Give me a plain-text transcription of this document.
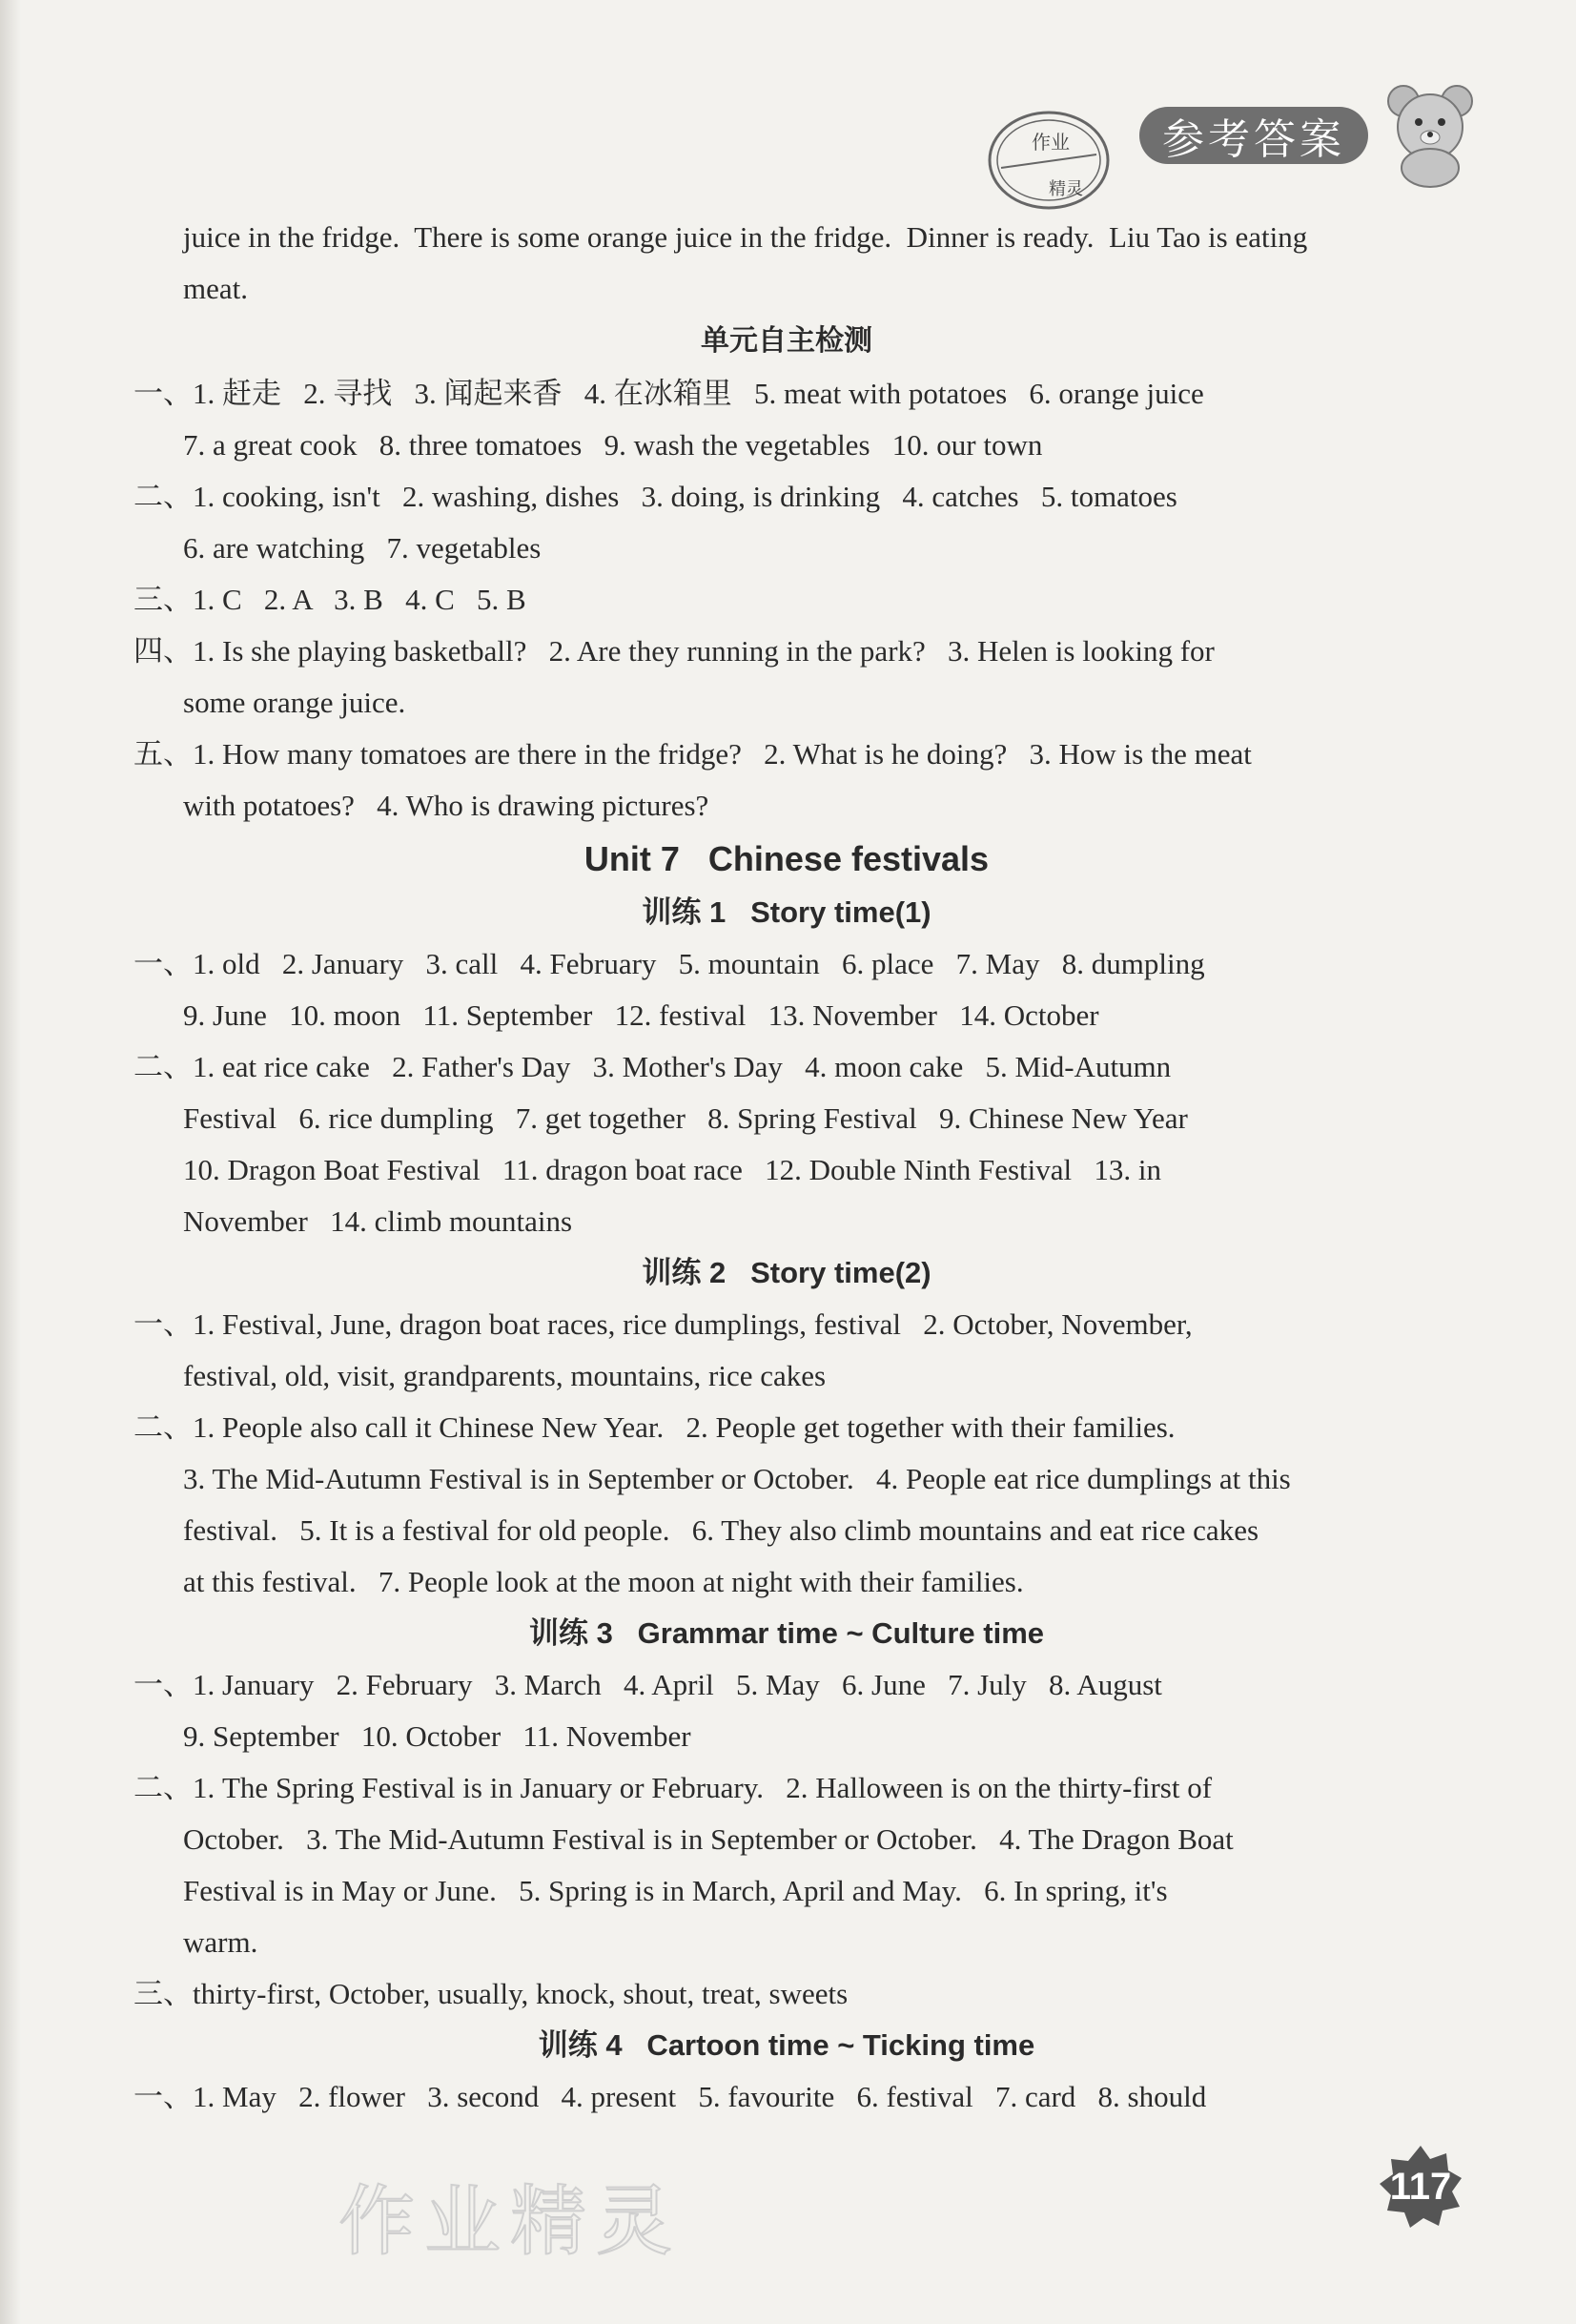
作业
精灵
参考答案
juice in the fridge.  There is some orange juice in the fridge.  Dinner is ready.  Liu Tao is eating
meat.
单元自主检测
一、1. 赶走   2. 寻找   3. 闻起来香   4. 在冰箱里   5. meat with potatoes   6. orange juice
7. a great cook   8. three tomatoes   9. wash the vegetables   10. our town
二、1. cooking, isn't   2. washing, dishes   3. doing, is drinking   4. catches   5. tomatoes
6. are watching   7. vegetables
三、1. C   2. A   3. B   4. C   5. B
四、1. Is she playing basketball?   2. Are they running in the park?   3. Helen is looking for
some orange juice.
五、1. How many tomatoes are there in the fridge?   2. What is he doing?   3. How is the meat
with potatoes?   4. Who is drawing pictures?
Unit 7   Chinese festivals
训练 1   Story time(1)
一、1. old   2. January   3. call   4. February   5. mountain   6. place   7. May   8. dumpling
9. June   10. moon   11. September   12. festival   13. November   14. October
二、1. eat rice cake   2. Father's Day   3. Mother's Day   4. moon cake   5. Mid-Autumn
Festival   6. rice dumpling   7. get together   8. Spring Festival   9. Chinese New Year
10. Dragon Boat Festival   11. dragon boat race   12. Double Ninth Festival   13. in
November   14. climb mountains
训练 2   Story time(2)
一、1. Festival, June, dragon boat races, rice dumplings, festival   2. October, November,
festival, old, visit, grandparents, mountains, rice cakes
二、1. People also call it Chinese New Year.   2. People get together with their families.
3. The Mid-Autumn Festival is in September or October.   4. People eat rice dumplings at this
festival.   5. It is a festival for old people.   6. They also climb mountains and eat rice cakes
at this festival.   7. People look at the moon at night with their families.
训练 3   Grammar time ~ Culture time
一、1. January   2. February   3. March   4. April   5. May   6. June   7. July   8. August
9. September   10. October   11. November
二、1. The Spring Festival is in January or February.   2. Halloween is on the thirty-first of
October.   3. The Mid-Autumn Festival is in September or October.   4. The Dragon Boat
Festival is in May or June.   5. Spring is in March, April and May.   6. In spring, it's
warm.
三、thirty-first, October, usually, knock, shout, treat, sweets
训练 4   Cartoon time ~ Ticking time
一、1. May   2. flower   3. second   4. present   5. favourite   6. festival   7. card   8. should
117
作业精灵
